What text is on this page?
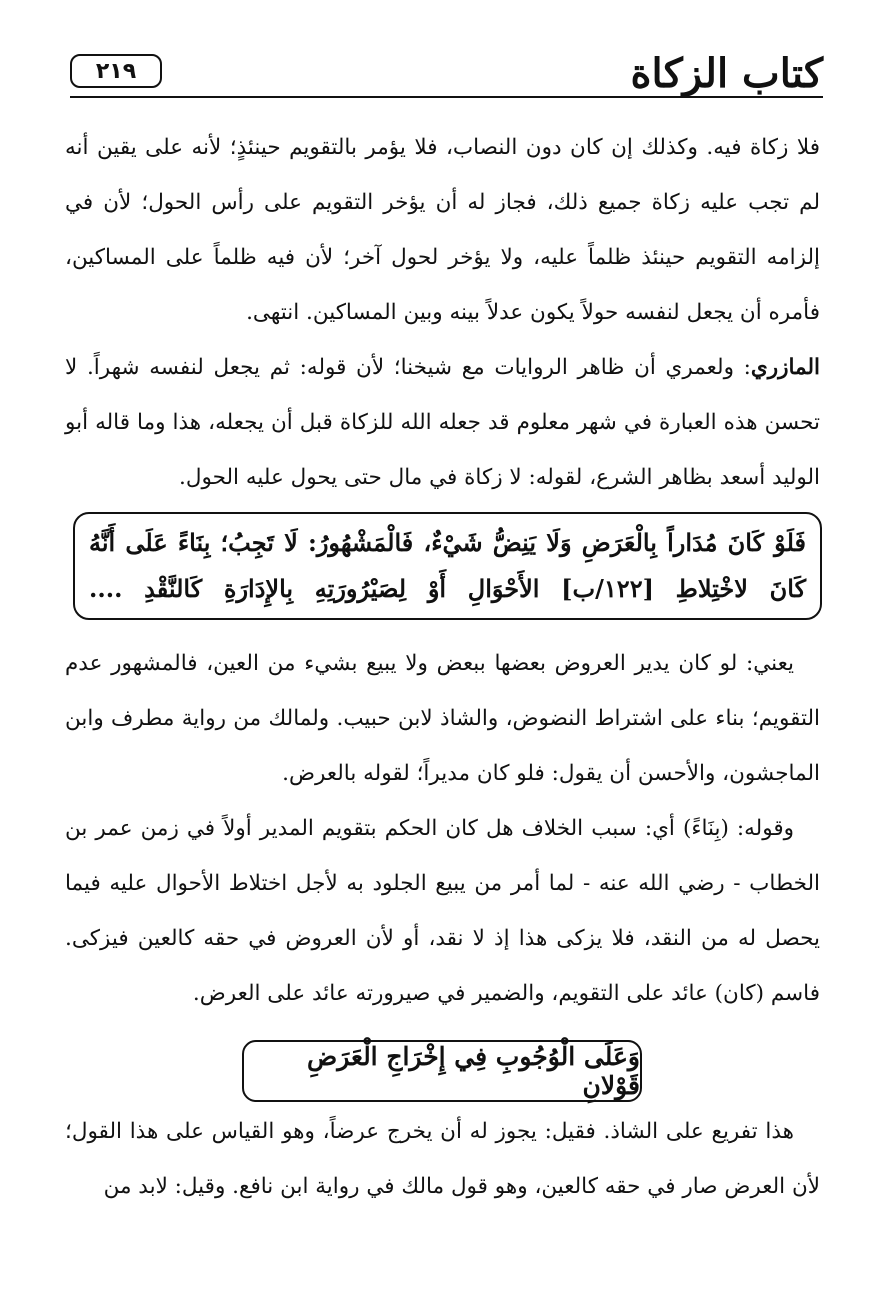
كتاب الزكاة
٢١٩

فلا زكاة فيه. وكذلك إن كان دون النصاب، فلا يؤمر بالتقويم حينئذٍ؛ لأنه على يقين أنه لم تجب عليه زكاة جميع ذلك، فجاز له أن يؤخر التقويم على رأس الحول؛ لأن في إلزامه التقويم حينئذ ظلماً عليه، ولا يؤخر لحول آخر؛ لأن فيه ظلماً على المساكين، فأمره أن يجعل لنفسه حولاً يكون عدلاً بينه وبين المساكين. انتهى.

المازري: ولعمري أن ظاهر الروايات مع شيخنا؛ لأن قوله: ثم يجعل لنفسه شهراً. لا تحسن هذه العبارة في شهر معلوم قد جعله الله للزكاة قبل أن يجعله، هذا وما قاله أبو الوليد أسعد بظاهر الشرع، لقوله: لا زكاة في مال حتى يحول عليه الحول.

فَلَوْ كَانَ مُدَاراً بِالْعَرَضِ وَلَا يَنِضُّ شَيْءٌ، فَالْمَشْهُورُ: لَا تَجِبُ؛ بِنَاءً عَلَى أَنَّهُ كَانَ لاخْتِلاطِ [١٢٢/ب] الأَحْوَالِ أَوْ لِصَيْرُورَتِهِ بِالإِدَارَةِ كَالنَّقْدِ ....

يعني: لو كان يدير العروض بعضها ببعض ولا يبيع بشيء من العين، فالمشهور عدم التقويم؛ بناء على اشتراط النضوض، والشاذ لابن حبيب. ولمالك من رواية مطرف وابن الماجشون، والأحسن أن يقول: فلو كان مديراً؛ لقوله بالعرض.

وقوله: (بِنَاءً) أي: سبب الخلاف هل كان الحكم بتقويم المدير أولاً في زمن عمر بن الخطاب - رضي الله عنه - لما أمر من يبيع الجلود به لأجل اختلاط الأحوال عليه فيما يحصل له من النقد، فلا يزكى هذا إذ لا نقد، أو لأن العروض في حقه كالعين فيزكى. فاسم (كان) عائد على التقويم، والضمير في صيرورته عائد على العرض.

وَعَلَى الْوُجُوبِ فِي إِخْرَاجِ الْعَرَضِ قَوْلانِ

هذا تفريع على الشاذ. فقيل: يجوز له أن يخرج عرضاً، وهو القياس على هذا القول؛ لأن العرض صار في حقه كالعين، وهو قول مالك في رواية ابن نافع. وقيل: لابد من
